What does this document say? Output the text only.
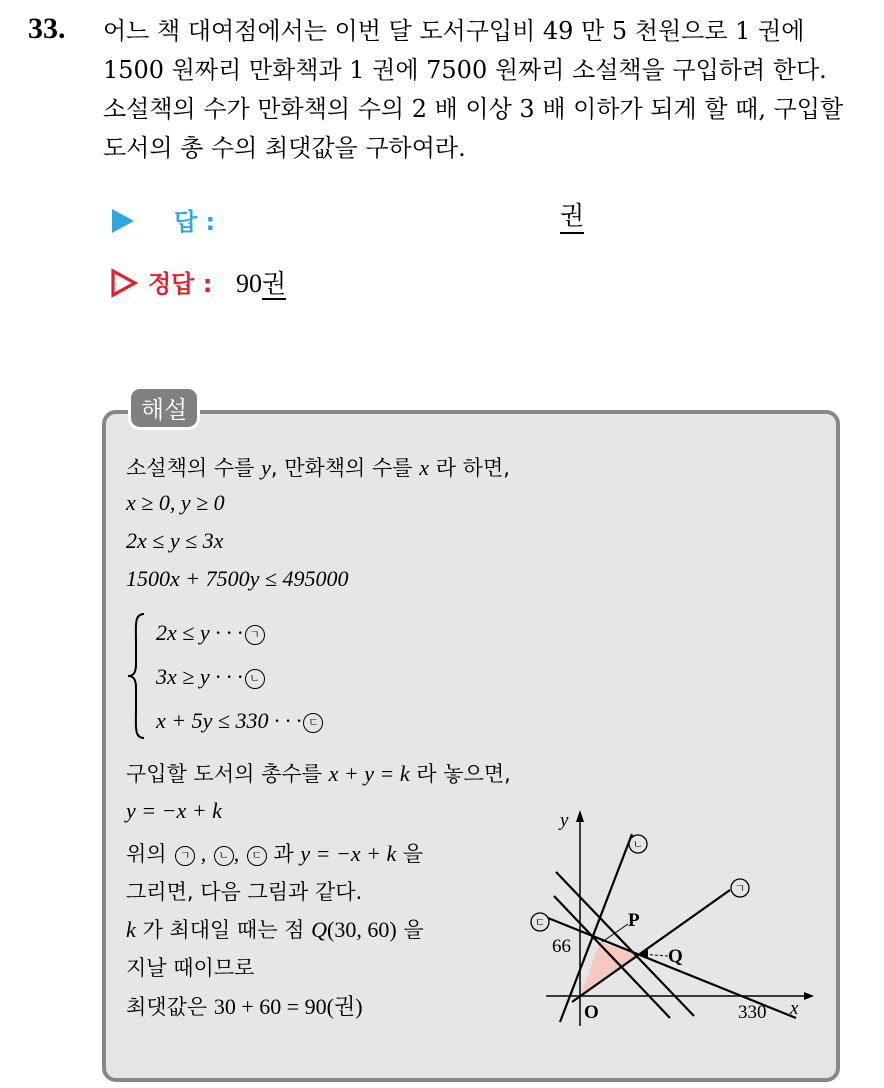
33. 어느 책 대여점에서는 이번 달 도서구입비 49 만 5 천원으로 1 권에
1500 원짜리 만화책과 1 권에 7500 원짜리 소설책을 구입하려 한다.
소설책의 수가 만화책의 수의 2 배 이상 3 배 이하가 되게 할 때, 구입할
도서의 총 수의 최댓값을 구하여라.
답 :	권
정답 : 90권
해설
소설책의 수를 y, 만화책의 수를 x 라 하면,
x ≥ 0, y ≥ 0
2x ≤ y ≤ 3x
1500x + 7500y ≤ 495000
2x ≤ y · · · ㄱ
3x ≥ y · · · ㄴ
x + 5y ≤ 330 · · · ㄷ
구입할 도서의 총수를 x + y = k 라 놓으면,
y = −x + k
위의 ㄱ , ㄴ , ㄷ 과 y = −x + k 을
그리면, 다음 그림과 같다.
k 가 최대일 때는 점 Q(30, 60) 을
지날 때이므로
최댓값은 30 + 60 = 90(권)
ㄴ
ㄱ
ㄷ
y
x
O
66
330
P
Q
